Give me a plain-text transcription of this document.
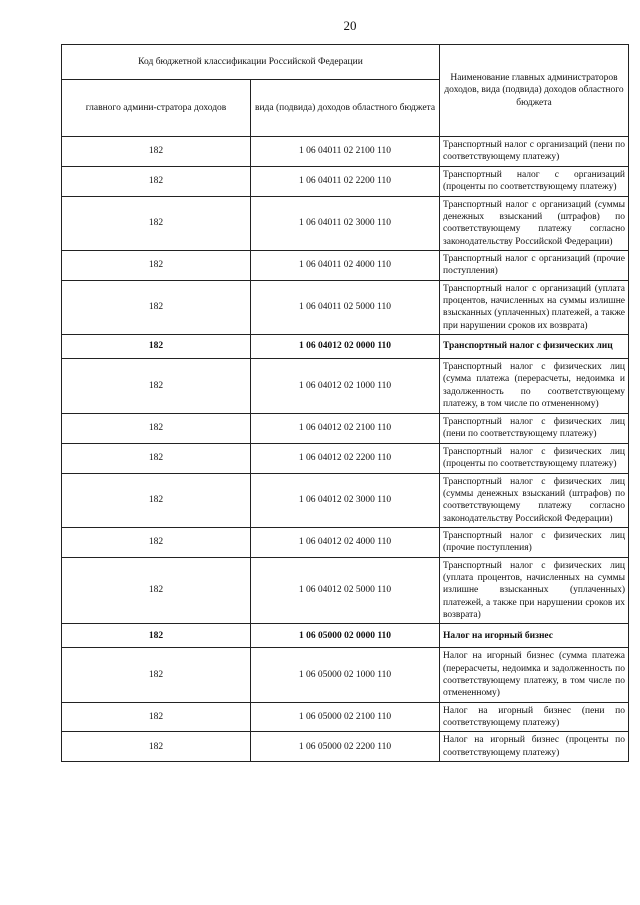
20
Код бюджетной классификации Российской Федерации		Наименование главных администраторов доходов, вида (подвида) доходов областного бюджета
главного админи-стратора доходов	вида (подвида) доходов областного бюджета	
182	1 06 04011 02 2100 110	Транспортный налог с организаций (пени по соответствующему платежу)
182	1 06 04011 02 2200 110	Транспортный налог с организаций (проценты по соответствующему платежу)
182	1 06 04011 02 3000 110	Транспортный налог с организаций (суммы денежных взысканий (штрафов) по соответствующему платежу согласно законодательству Российской Федерации)
182	1 06 04011 02 4000 110	Транспортный налог с организаций (прочие поступления)
182	1 06 04011 02 5000 110	Транспортный налог с организаций (уплата процентов, начисленных на суммы излишне взысканных (уплаченных) платежей, а также при нарушении сроков их возврата)
182	1 06 04012 02 0000 110	Транспортный налог с физических лиц
182	1 06 04012 02 1000 110	Транспортный налог с физических лиц (сумма платежа (перерасчеты, недоимка и задолженность по соответствующему платежу, в том числе по отмененному)
182	1 06 04012 02 2100 110	Транспортный налог с физических лиц (пени по соответствующему платежу)
182	1 06 04012 02 2200 110	Транспортный налог с физических лиц (проценты по соответствующему платежу)
182	1 06 04012 02 3000 110	Транспортный налог с физических лиц (суммы денежных взысканий (штрафов) по соответствующему платежу согласно законодательству Российской Федерации)
182	1 06 04012 02 4000 110	Транспортный налог с физических лиц (прочие поступления)
182	1 06 04012 02 5000 110	Транспортный налог с физических лиц (уплата процентов, начисленных на суммы излишне взысканных (уплаченных) платежей, а также при нарушении сроков их возврата)
182	1 06 05000 02 0000 110	Налог на игорный бизнес
182	1 06 05000 02 1000 110	Налог на игорный бизнес (сумма платежа (перерасчеты, недоимка и задолженность по соответствующему платежу, в том числе по отмененному)
182	1 06 05000 02 2100 110	Налог на игорный бизнес (пени по соответствующему платежу)
182	1 06 05000 02 2200 110	Налог на игорный бизнес (проценты по соответствующему платежу)
